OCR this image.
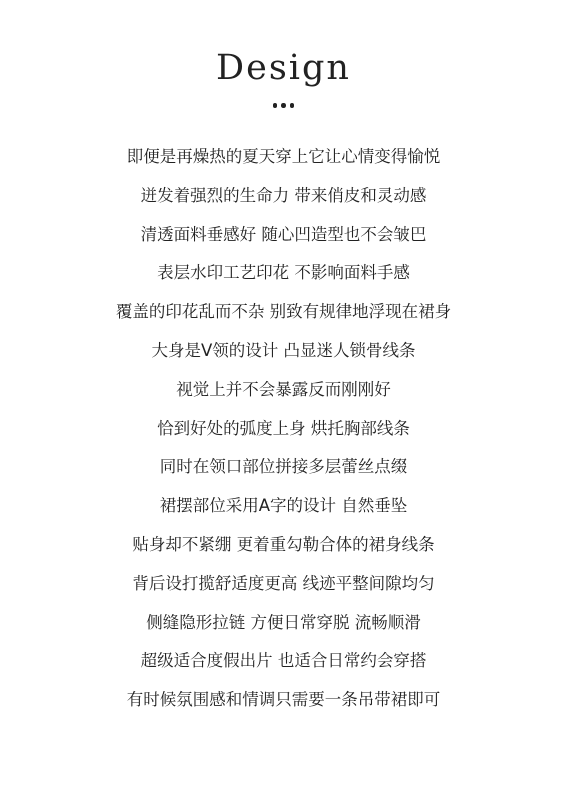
Design
即便是再燥热的夏天穿上它让心情变得愉悦
迸发着强烈的生命力 带来俏皮和灵动感
清透面料垂感好 随心凹造型也不会皱巴
表层水印工艺印花 不影响面料手感
覆盖的印花乱而不杂 别致有规律地浮现在裙身
大身是V领的设计 凸显迷人锁骨线条
视觉上并不会暴露反而刚刚好
恰到好处的弧度上身 烘托胸部线条
同时在领口部位拼接多层蕾丝点缀
裙摆部位采用A字的设计 自然垂坠
贴身却不紧绷 更着重勾勒合体的裙身线条
背后设打揽舒适度更高 线迹平整间隙均匀
侧缝隐形拉链 方便日常穿脱 流畅顺滑
超级适合度假出片 也适合日常约会穿搭
有时候氛围感和情调只需要一条吊带裙即可
